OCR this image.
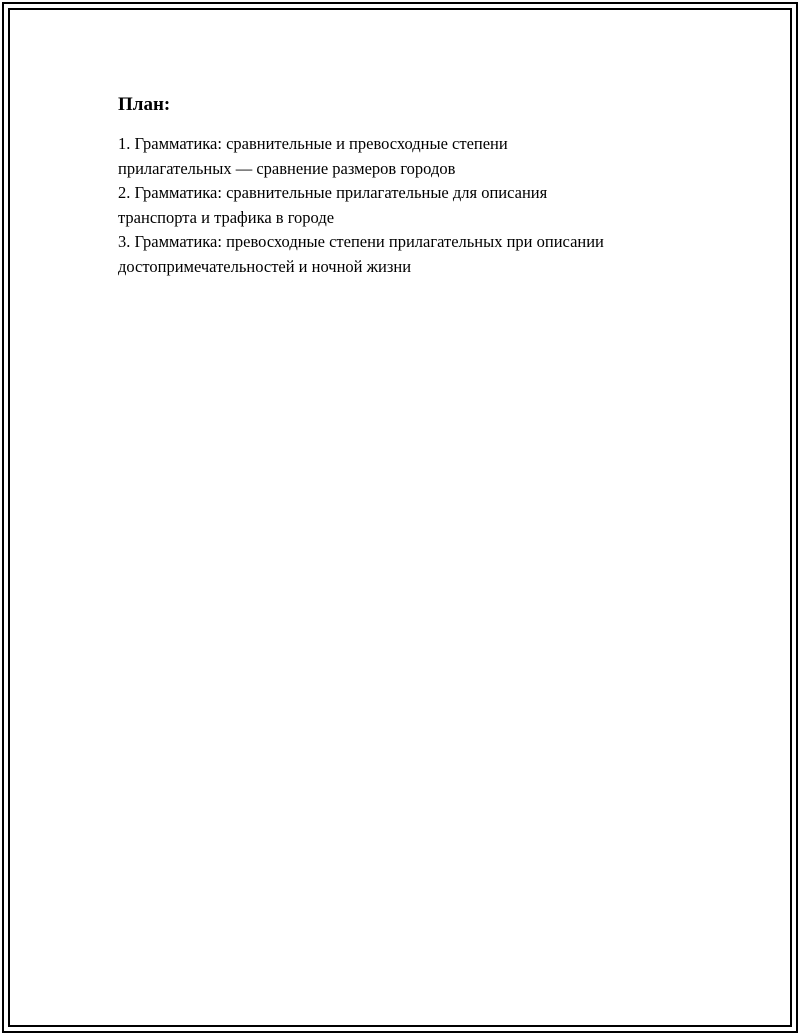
План:
1. Грамматика: сравнительные и превосходные степени
прилагательных — сравнение размеров городов
2. Грамматика: сравнительные прилагательные для описания
транспорта и трафика в городе
3. Грамматика: превосходные степени прилагательных при описании
достопримечательностей и ночной жизни
